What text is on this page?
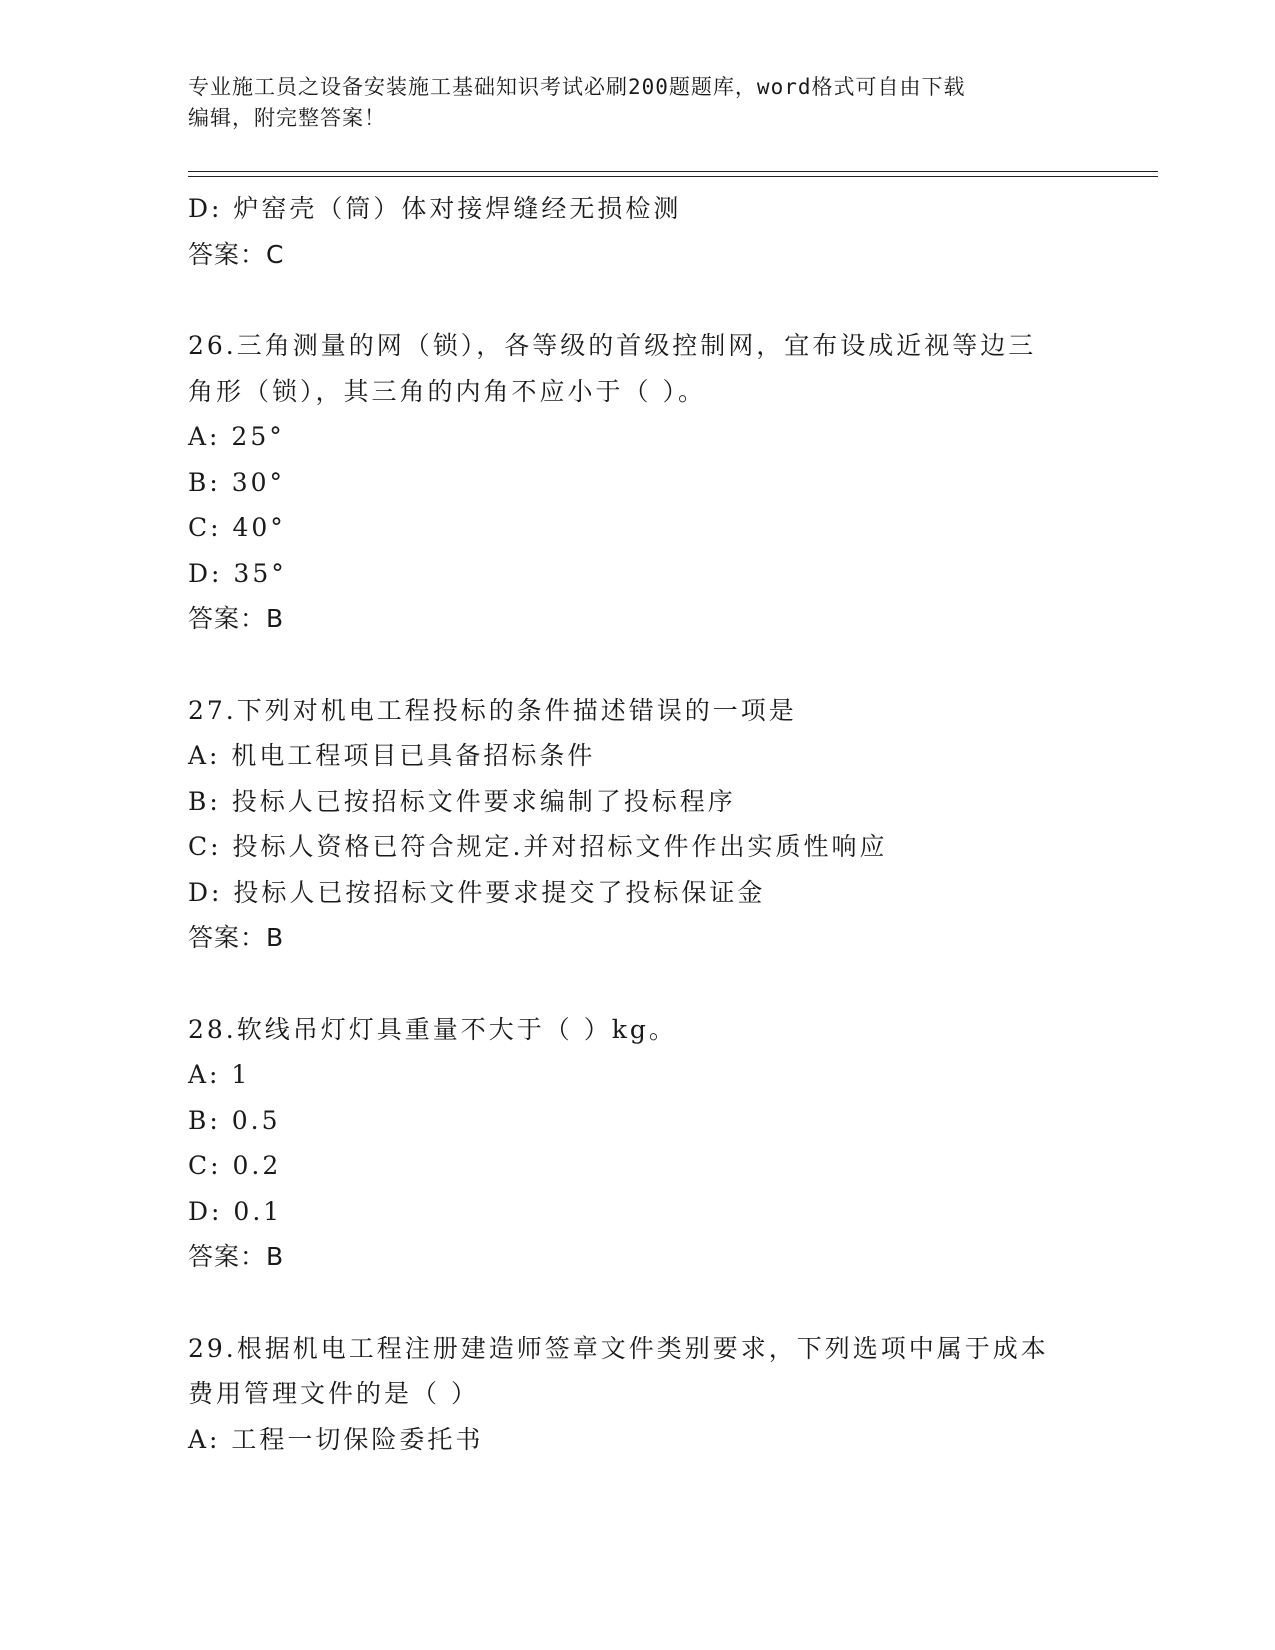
专业施工员之设备安装施工基础知识考试必刷200题题库，word格式可自由下载
编辑，附完整答案！
D: 炉窑壳（筒）体对接焊缝经无损检测
答案：C
26.三角测量的网（锁），各等级的首级控制网，宜布设成近视等边三
角形（锁），其三角的内角不应小于（ ）。
A: 25°
B: 30°
C: 40°
D: 35°
答案：B
27.下列对机电工程投标的条件描述错误的一项是
A: 机电工程项目已具备招标条件
B: 投标人已按招标文件要求编制了投标程序
C: 投标人资格已符合规定.并对招标文件作出实质性响应
D: 投标人已按招标文件要求提交了投标保证金
答案：B
28.软线吊灯灯具重量不大于（ ）kg。
A: 1
B: 0.5
C: 0.2
D: 0.1
答案：B
29.根据机电工程注册建造师签章文件类别要求，下列选项中属于成本
费用管理文件的是（ ）
A: 工程一切保险委托书
